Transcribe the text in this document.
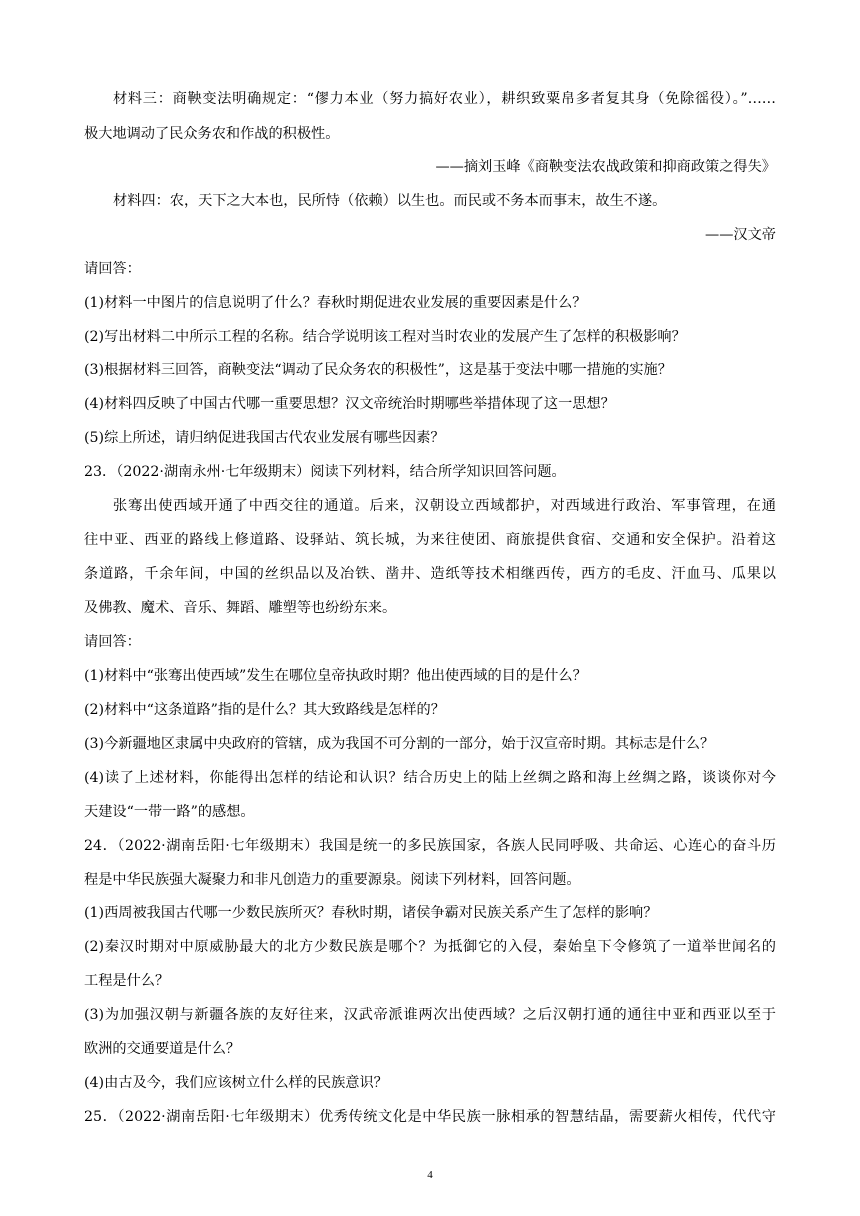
材料三：商鞅变法明确规定：“僇力本业（努力搞好农业），耕织致粟帛多者复其身（免除徭役）。”……
极大地调动了民众务农和作战的积极性。
——摘刘玉峰《商鞅变法农战政策和抑商政策之得失》
材料四：农，天下之大本也，民所恃（依赖）以生也。而民或不务本而事末，故生不遂。
——汉文帝
请回答：
(1)材料一中图片的信息说明了什么？春秋时期促进农业发展的重要因素是什么？
(2)写出材料二中所示工程的名称。结合学说明该工程对当时农业的发展产生了怎样的积极影响？
(3)根据材料三回答，商鞅变法“调动了民众务农的积极性”，这是基于变法中哪一措施的实施？
(4)材料四反映了中国古代哪一重要思想？汉文帝统治时期哪些举措体现了这一思想？
(5)综上所述，请归纳促进我国古代农业发展有哪些因素？
23．（2022·湖南永州·七年级期末）阅读下列材料，结合所学知识回答问题。
张骞出使西域开通了中西交往的通道。后来，汉朝设立西域都护，对西域进行政治、军事管理，在通
往中亚、西亚的路线上修道路、设驿站、筑长城，为来往使团、商旅提供食宿、交通和安全保护。沿着这
条道路，千余年间，中国的丝织品以及冶铁、凿井、造纸等技术相继西传，西方的毛皮、汗血马、瓜果以
及佛教、魔术、音乐、舞蹈、雕塑等也纷纷东来。
请回答：
(1)材料中“张骞出使西域”发生在哪位皇帝执政时期？他出使西域的目的是什么？
(2)材料中“这条道路”指的是什么？其大致路线是怎样的？
(3)今新疆地区隶属中央政府的管辖，成为我国不可分割的一部分，始于汉宣帝时期。其标志是什么？
(4)读了上述材料，你能得出怎样的结论和认识？结合历史上的陆上丝绸之路和海上丝绸之路，谈谈你对今
天建设“一带一路”的感想。
24．（2022·湖南岳阳·七年级期末）我国是统一的多民族国家，各族人民同呼吸、共命运、心连心的奋斗历
程是中华民族强大凝聚力和非凡创造力的重要源泉。阅读下列材料，回答问题。
(1)西周被我国古代哪一少数民族所灭？春秋时期，诸侯争霸对民族关系产生了怎样的影响？
(2)秦汉时期对中原威胁最大的北方少数民族是哪个？为抵御它的入侵，秦始皇下令修筑了一道举世闻名的
工程是什么？
(3)为加强汉朝与新疆各族的友好往来，汉武帝派谁两次出使西域？之后汉朝打通的通往中亚和西亚以至于
欧洲的交通要道是什么？
(4)由古及今，我们应该树立什么样的民族意识？
25．（2022·湖南岳阳·七年级期末）优秀传统文化是中华民族一脉相承的智慧结晶，需要薪火相传，代代守
4
